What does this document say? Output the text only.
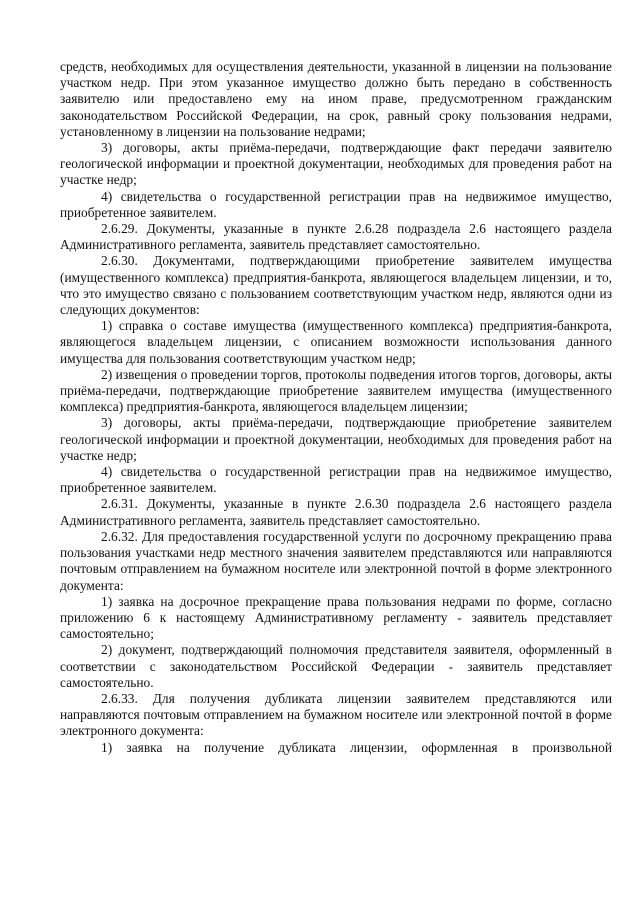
средств, необходимых для осуществления деятельности, указанной в лицензии на пользование участком недр. При этом указанное имущество должно быть передано в собственность заявителю или предоставлено ему на ином праве, предусмотренном гражданским законодательством Российской Федерации, на срок, равный сроку пользования недрами, установленному в лицензии на пользование недрами;

3) договоры, акты приёма-передачи, подтверждающие факт передачи заявителю геологической информации и проектной документации, необходимых для проведения работ на участке недр;

4) свидетельства о государственной регистрации прав на недвижимое имущество, приобретенное заявителем.

2.6.29. Документы, указанные в пункте 2.6.28 подраздела 2.6 настоящего раздела Административного регламента, заявитель представляет самостоятельно.

2.6.30. Документами, подтверждающими приобретение заявителем имущества (имущественного комплекса) предприятия-банкрота, являющегося владельцем лицензии, и то, что это имущество связано с пользованием соответствующим участком недр, являются одни из следующих документов:

1) справка о составе имущества (имущественного комплекса) предприятия-банкрота, являющегося владельцем лицензии, с описанием возможности использования данного имущества для пользования соответствующим участком недр;

2) извещения о проведении торгов, протоколы подведения итогов торгов, договоры, акты приёма-передачи, подтверждающие приобретение заявителем имущества (имущественного комплекса) предприятия-банкрота, являющегося владельцем лицензии;

3) договоры, акты приёма-передачи, подтверждающие приобретение заявителем геологической информации и проектной документации, необходимых для проведения работ на участке недр;

4) свидетельства о государственной регистрации прав на недвижимое имущество, приобретенное заявителем.

2.6.31. Документы, указанные в пункте 2.6.30 подраздела 2.6 настоящего раздела Административного регламента, заявитель представляет самостоятельно.

2.6.32. Для предоставления государственной услуги по досрочному прекращению права пользования участками недр местного значения заявителем представляются или направляются почтовым отправлением на бумажном носителе или электронной почтой в форме электронного документа:

1) заявка на досрочное прекращение права пользования недрами по форме, согласно приложению 6 к настоящему Административному регламенту - заявитель представляет самостоятельно;

2) документ, подтверждающий полномочия представителя заявителя, оформленный в соответствии с законодательством Российской Федерации - заявитель представляет самостоятельно.

2.6.33. Для получения дубликата лицензии заявителем представляются или направляются почтовым отправлением на бумажном носителе или электронной почтой в форме электронного документа:

1) заявка на получение дубликата лицензии, оформленная в произвольной
